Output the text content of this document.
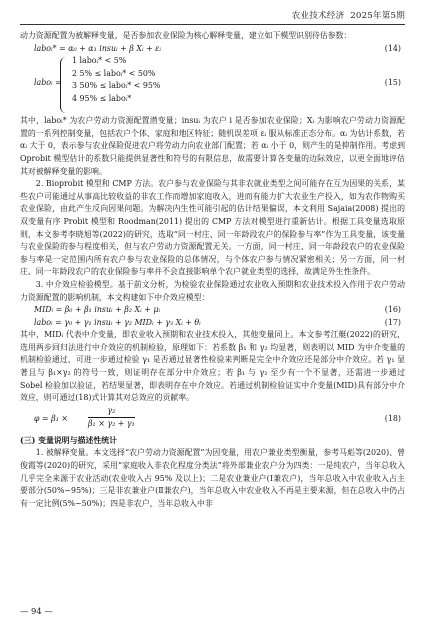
农业技术经济 2025年第5期

动力资源配置为被解释变量，是否参加农业保险为核心解释变量，建立如下模型识别待估参数：

laboᵢ* = α₀ + α₁ insuᵢ + β Xᵢ + εᵢ	(14)
laboᵢ =
1 laboᵢ* < 5%
2 5% ≤ laboᵢ* < 50%
3 50% ≤ laboᵢ* < 95%
4 95% ≤ laboᵢ*
(15)

其中，laboᵢ* 为农户劳动力资源配置潜变量；insuᵢ 为农户 i 是否参加农业保险；Xᵢ 为影响农户劳动力资源配置的一系列控制变量，包括农户个体、家庭和地区特征；随机误差项 εᵢ 服从标准正态分布。αᵢ 为估计系数，若 αᵢ 大于 0，表示参与农业保险促进农户将劳动力向农业部门配置；若 αᵢ 小于 0，则产生的是抑制作用。考虑到 Oprobit 模型估计的系数只能提供显著性和符号的有限信息，故需要计算各变量的边际效应，以更全面地评估其对被解释变量的影响。

2. Bioprobit 模型和 CMP 方法。农户参与农业保险与其非农就业类型之间可能存在互为因果的关系，某些农户可能通过从事高比较收益的非农工作而增加家庭收入，进而有能力扩大农业生产投入，如为农作物购买农业保险，由此产生反向因果问题。为解决内生性可能引起的估计结果偏误，本文利用 Sajaia(2008) 提出的双变量有序 Probit 模型和 Roodman(2011) 提出的 CMP 方法对模型进行重新估计。根据工具变量选取原则，本文参考李晓旭等(2022)的研究，选取“同一村庄、同一年龄段农户的保险参与率”作为工具变量，该变量与农业保险的参与程度相关，但与农户劳动力资源配置无关。一方面，同一村庄、同一年龄段农户的农业保险参与率是一定范围内所有农户参与农业保险的总体情况，与个体农户参与情况紧密相关；另一方面，同一村庄、同一年龄段农户的农业保险参与率并不会直接影响单个农户就业类型的选择，故满足外生性条件。

3. 中介效应检验模型。基于前文分析，为检验农业保险通过农业收入预期和农业技术投入作用于农户劳动力资源配置的影响机制，本文构建如下中介效应模型：

MIDᵢ = β₀ + β₁ insuᵢ + β₂ Xᵢ + μᵢ	(16)
laboᵢ = γ₀ + γ₁ insuᵢ + γ₂ MIDᵢ + γ₃ Xᵢ + θᵢ	(17)

其中，MIDᵢ 代表中介变量，即农业收入预期和农业技术投入，其他变量同上。本文参考江艇(2022)的研究，选用两步回归法进行中介效应的机制检验，原理如下：若系数 β₁ 和 γ₂ 均显著，则表明以 MID 为中介变量的机制检验通过，可进一步通过检验 γ₁ 是否通过显著性检验来判断是完全中介效应还是部分中介效应。若 γ₁ 显著且与 β₁×γ₂ 的符号一致，则证明存在部分中介效应；若 β₁ 与 γ₂ 至少有一个不显著，还需进一步通过 Sobel 检验加以验证，若结果显著，即表明存在中介效应。若通过机制检验证实中介变量(MID)具有部分中介效应，则可通过(18)式计算其对总效应的贡献率。

φ = β₁ ×	$\frac{\text{γ₂}}{\text{β₁ × γ₂ + γ₁}}$	(18)

(三) 变量说明与描述性统计

1. 被解释变量。本文选择“农户劳动力资源配置”为因变量，用农户兼业类型衡量，参考马彪等(2020)、曾俊霞等(2020)的研究，采用“家庭收入非农化程度分类法”将外部兼业农户分为四类：一是纯农户，当年总收入几乎完全来源于农业活动(农业收入占 95% 及以上)；二是农业兼业户(Ⅰ兼农户)，当年总收入中农业收入占主要部分(50%~95%)；三是非农兼业户(Ⅱ兼农户)，当年总收入中农业收入不再是主要来源，但在总收入中仍占有一定比例(5%~50%)；四是非农户，当年总收入中非

— 94 —
